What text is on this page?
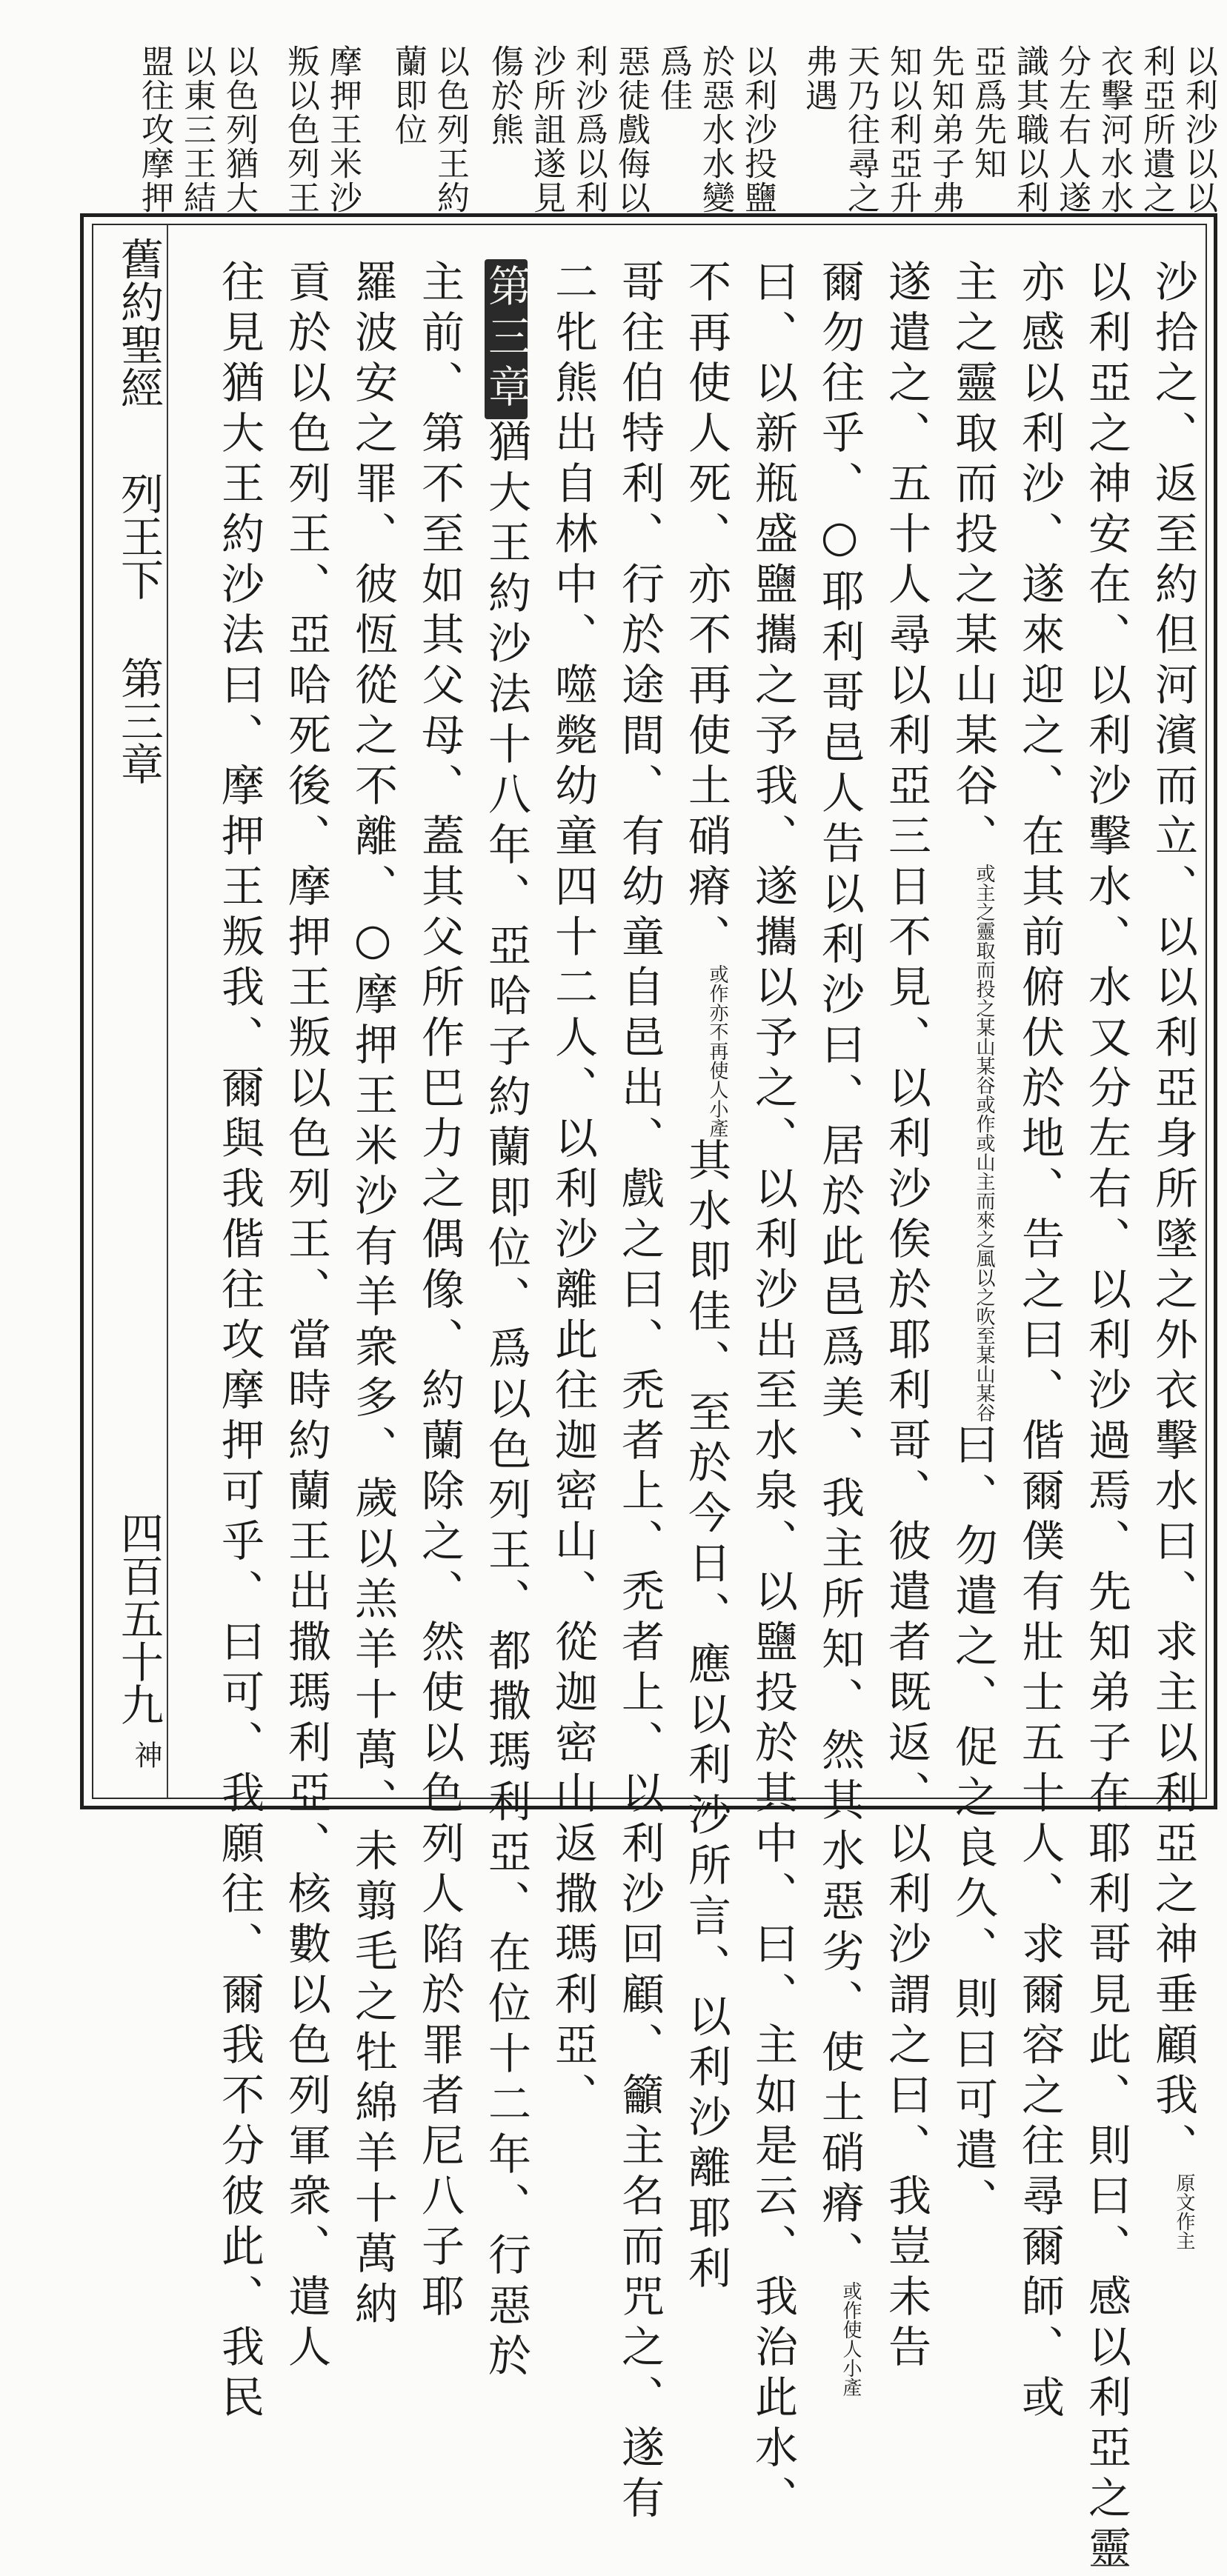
以利沙以以
利亞所遺之
衣擊河水水
分左右人遂
識其職以利
亞爲先知
先知弟子弗
知以利亞升
天乃往尋之
弗遇
以利沙投鹽
於惡水水變
爲佳
惡徒戲侮以
利沙爲以利
沙所詛遂見
傷於熊
以色列王約
蘭即位
摩押王米沙
叛以色列王
以色列猶大
以東三王結
盟往攻摩押
沙拾之、返至約但河濱而立、以以利亞身所墜之外衣擊水曰、求主以利亞之神垂顧我、原文作主
以利亞之神安在、以利沙擊水、水又分左右、以利沙過焉、先知弟子在耶利哥見此、則曰、感以利亞之靈
亦感以利沙、遂來迎之、在其前俯伏於地、告之曰、偕爾僕有壯士五十人、求爾容之往尋爾師、或
主之靈取而投之某山某谷、或主之靈取而投之某山某谷或作或山主而來之風以之吹至某山某谷曰、勿遣之、促之良久、則曰可遣、
遂遣之、五十人尋以利亞三日不見、以利沙俟於耶利哥、彼遣者既返、以利沙謂之曰、我豈未告
爾勿往乎、○耶利哥邑人告以利沙曰、居於此邑爲美、我主所知、然其水惡劣、使土硝瘠、或作使人小產
曰、以新瓶盛鹽攜之予我、遂攜以予之、以利沙出至水泉、以鹽投於其中、曰、主如是云、我治此水、
不再使人死、亦不再使土硝瘠、或作亦不再使人小產其水即佳、至於今日、應以利沙所言、以利沙離耶利
哥往伯特利、行於途間、有幼童自邑出、戲之曰、禿者上、禿者上、以利沙回顧、籲主名而咒之、遂有
二牝熊出自林中、噬斃幼童四十二人、以利沙離此往迦密山、從迦密山返撒瑪利亞、
第三章猶大王約沙法十八年、亞哈子約蘭即位、爲以色列王、都撒瑪利亞、在位十二年、行惡於
主前、第不至如其父母、蓋其父所作巴力之偶像、約蘭除之、然使以色列人陷於罪者尼八子耶
羅波安之罪、彼恆從之不離、○摩押王米沙有羊衆多、歲以羔羊十萬、未翦毛之牡綿羊十萬納
貢於以色列王、亞哈死後、摩押王叛以色列王、當時約蘭王出撒瑪利亞、核數以色列軍衆、遣人
往見猶大王約沙法曰、摩押王叛我、爾與我偕往攻摩押可乎、曰可、我願往、爾我不分彼此、我民
舊約聖經列王下第三章四百五十九
神
